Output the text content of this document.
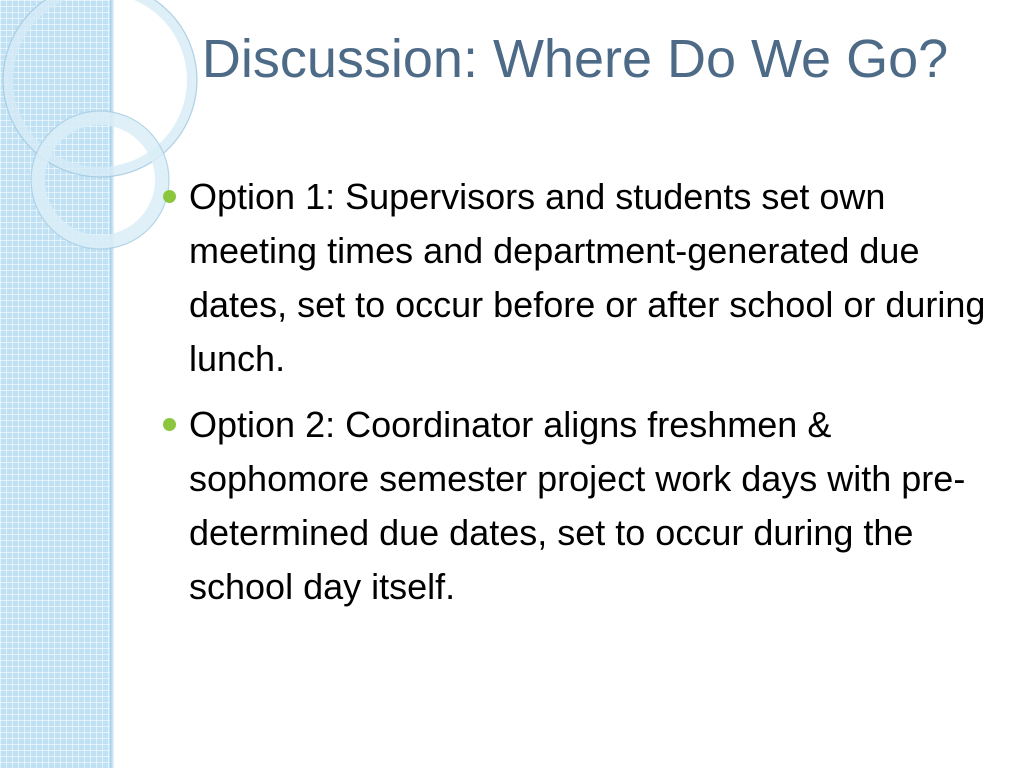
Discussion: Where Do We Go?
Option 1: Supervisors and students set own meeting times and department-generated due dates, set to occur before or after school or during lunch.
Option 2: Coordinator aligns freshmen & sophomore semester project work days with pre-determined due dates, set to occur during the school day itself.
